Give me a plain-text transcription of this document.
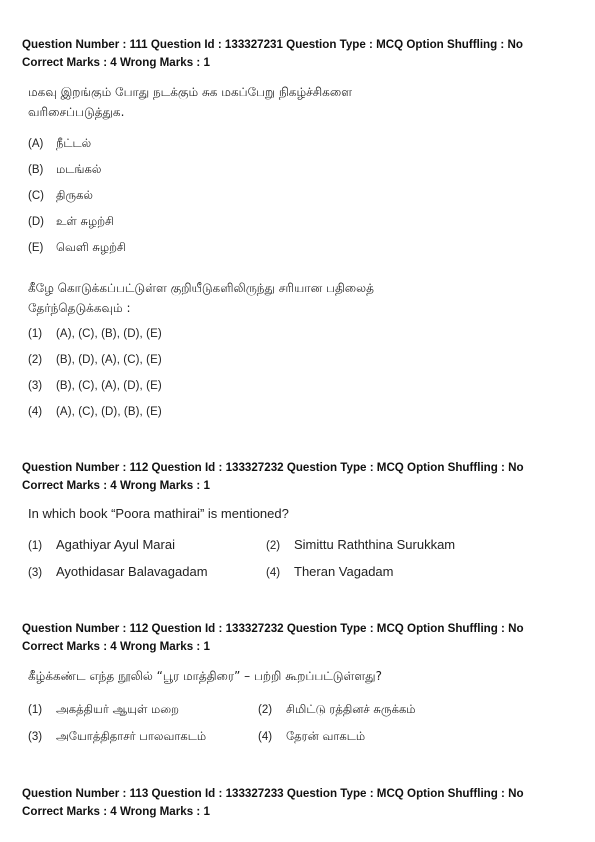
Question Number : 111 Question Id : 133327231 Question Type : MCQ Option Shuffling : No
Correct Marks : 4 Wrong Marks : 1
மகவு இறங்கும் போது நடக்கும் சுக மகப்பேறு நிகழ்ச்சிகளை
வரிசைப்படுத்துக.
(A) நீட்டல்
(B) மடங்கல்
(C) திருகல்
(D) உள் சுழற்சி
(E) வெளி சுழற்சி
கீழே கொடுக்கப்பட்டுள்ள குறியீடுகளிலிருந்து சரியான பதிலைத்
தேர்ந்தெடுக்கவும் :
(1) (A), (C), (B), (D), (E)
(2) (B), (D), (A), (C), (E)
(3) (B), (C), (A), (D), (E)
(4) (A), (C), (D), (B), (E)
Question Number : 112 Question Id : 133327232 Question Type : MCQ Option Shuffling : No
Correct Marks : 4 Wrong Marks : 1
In which book “Poora mathirai” is mentioned?
(1) Agathiyar Ayul Marai	(2) Simittu Raththina Surukkam
(3) Ayothidasar Balavagadam	(4) Theran Vagadam
Question Number : 112 Question Id : 133327232 Question Type : MCQ Option Shuffling : No
Correct Marks : 4 Wrong Marks : 1
கீழ்க்கண்ட எந்த நூலில் “பூர மாத்திரை” – பற்றி கூறப்பட்டுள்ளது?
(1) அகத்தியர் ஆயுள் மறை	(2) சிமிட்டு ரத்தினச் சுருக்கம்
(3) அயோத்திதாசர் பாலவாகடம்	(4) தேரன் வாகடம்
Question Number : 113 Question Id : 133327233 Question Type : MCQ Option Shuffling : No
Correct Marks : 4 Wrong Marks : 1
